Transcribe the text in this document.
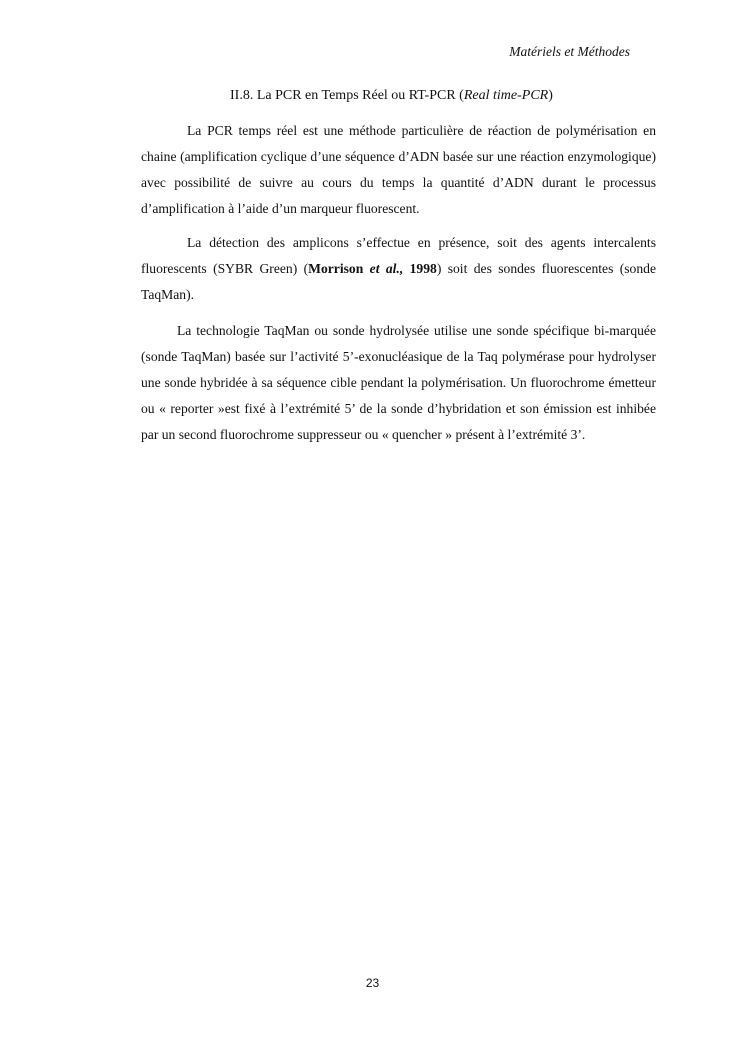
Matériels et Méthodes
II.8. La PCR en Temps Réel ou RT-PCR (Real time-PCR)

La PCR temps réel est une méthode particulière de réaction de polymérisation en chaine (amplification cyclique d’une séquence d’ADN basée sur une réaction enzymologique) avec possibilité de suivre au cours du temps la quantité d’ADN durant le processus d’amplification à l’aide d’un marqueur fluorescent.

La détection des amplicons s’effectue en présence, soit des agents intercalents fluorescents (SYBR Green) (Morrison et al., 1998) soit des sondes fluorescentes (sonde TaqMan).

La technologie TaqMan ou sonde hydrolysée utilise une sonde spécifique bi-marquée (sonde TaqMan) basée sur l’activité 5’-exonucléasique de la Taq polymérase pour hydrolyser une sonde hybridée à sa séquence cible pendant la polymérisation. Un fluorochrome émetteur ou « reporter »est fixé à l’extrémité 5’ de la sonde d’hybridation et son émission est inhibée par un second fluorochrome suppresseur ou « quencher » présent à l’extrémité 3’.

23
